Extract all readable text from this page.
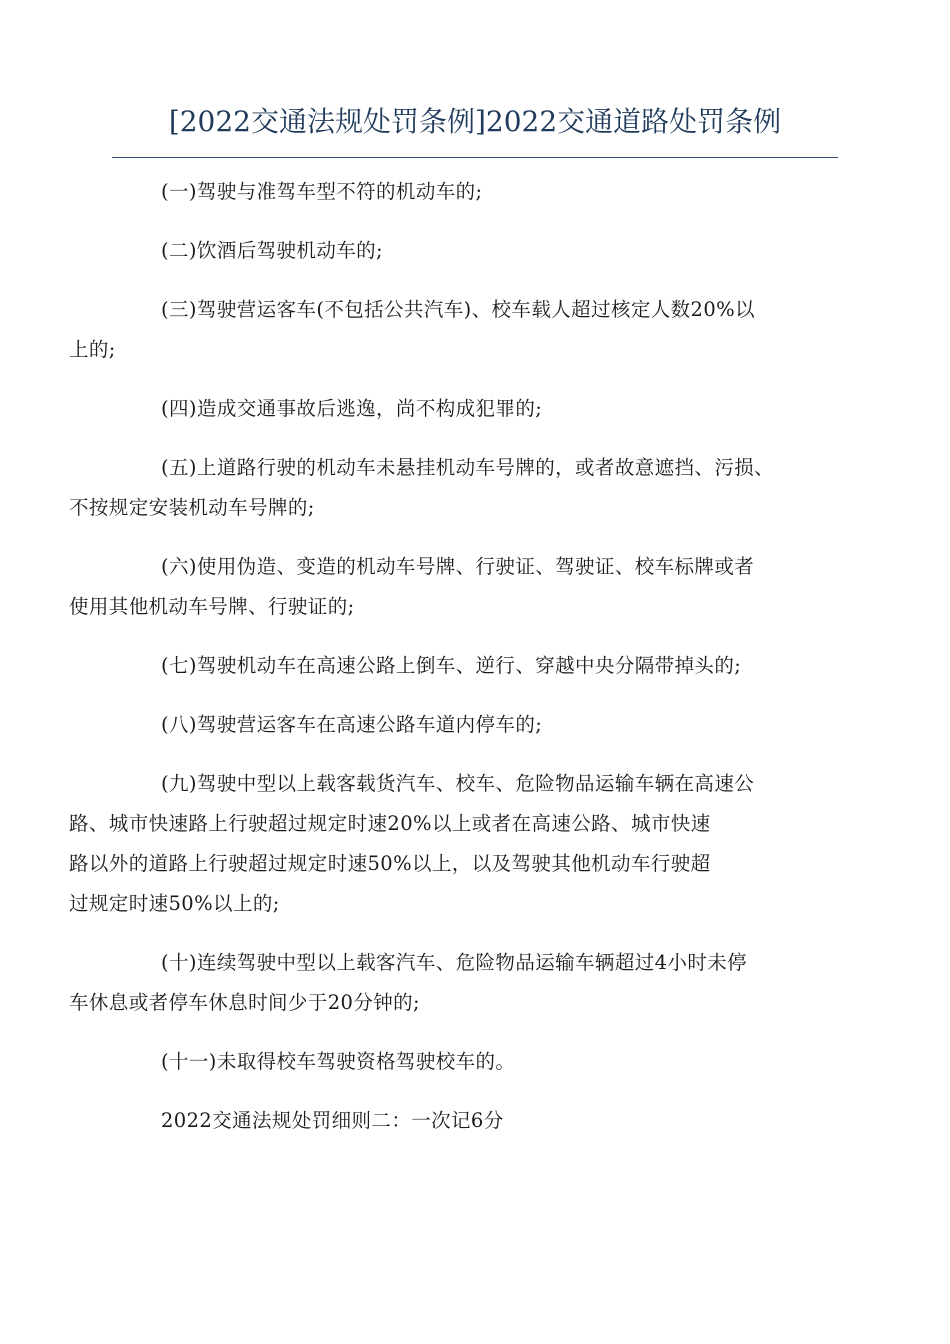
[2022交通法规处罚条例]2022交通道路处罚条例

(一)驾驶与准驾车型不符的机动车的;

(二)饮酒后驾驶机动车的;

(三)驾驶营运客车(不包括公共汽车)、校车载人超过核定人数20%以
上的;

(四)造成交通事故后逃逸，尚不构成犯罪的;

(五)上道路行驶的机动车未悬挂机动车号牌的，或者故意遮挡、污损、
不按规定安装机动车号牌的;

(六)使用伪造、变造的机动车号牌、行驶证、驾驶证、校车标牌或者
使用其他机动车号牌、行驶证的;

(七)驾驶机动车在高速公路上倒车、逆行、穿越中央分隔带掉头的;

(八)驾驶营运客车在高速公路车道内停车的;

(九)驾驶中型以上载客载货汽车、校车、危险物品运输车辆在高速公
路、城市快速路上行驶超过规定时速20%以上或者在高速公路、城市快速
路以外的道路上行驶超过规定时速50%以上，以及驾驶其他机动车行驶超
过规定时速50%以上的;

(十)连续驾驶中型以上载客汽车、危险物品运输车辆超过4小时未停
车休息或者停车休息时间少于20分钟的;

(十一)未取得校车驾驶资格驾驶校车的。

2022交通法规处罚细则二：一次记6分
